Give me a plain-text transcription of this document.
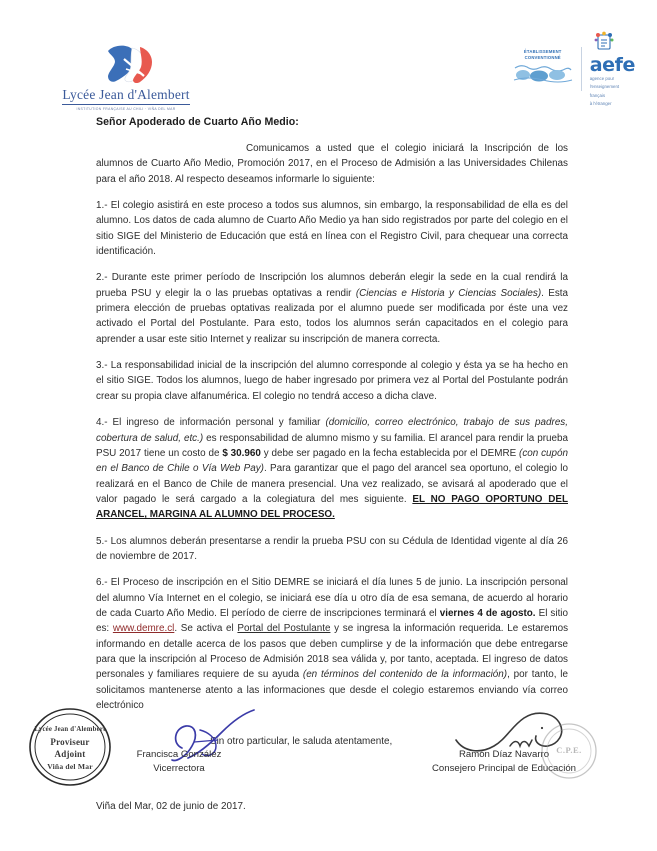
Lycée Jean d'Alembert
INSTITUTION FRANÇAISE AU CHILI · VIÑA DEL MAR
ÉTABLISSEMENT
CONVENTIONNÉ	aefe
agence pour
l'enseignement
français
à l'étranger

Señor Apoderado de Cuarto Año Medio:

Comunicamos a usted que el colegio iniciará la Inscripción de los alumnos de Cuarto Año Medio, Promoción 2017, en el Proceso de Admisión a las Universidades Chilenas para el año 2018. Al respecto deseamos informarle lo siguiente:

1.- El colegio asistirá en este proceso a todos sus alumnos, sin embargo, la responsabilidad de ella es del alumno. Los datos de cada alumno de Cuarto Año Medio ya han sido registrados por parte del colegio en el sitio SIGE del Ministerio de Educación que está en línea con el Registro Civil, para chequear una correcta identificación.

2.- Durante este primer período de Inscripción los alumnos deberán elegir la sede en la cual rendirá la prueba PSU y elegir la o las pruebas optativas a rendir (Ciencias e Historia y Ciencias Sociales). Esta primera elección de pruebas optativas realizada por el alumno puede ser modificada por éste una vez activado el Portal del Postulante. Para esto, todos los alumnos serán capacitados en el colegio para aprender a usar este sitio Internet y realizar su inscripción de manera correcta.

3.- La responsabilidad inicial de la inscripción del alumno corresponde al colegio y ésta ya se ha hecho en el sitio SIGE. Todos los alumnos, luego de haber ingresado por primera vez al Portal del Postulante podrán crear su propia clave alfanumérica. El colegio no tendrá acceso a dicha clave.

4.- El ingreso de información personal y familiar (domicilio, correo electrónico, trabajo de sus padres, cobertura de salud, etc.) es responsabilidad de alumno mismo y su familia. El arancel para rendir la prueba PSU 2017 tiene un costo de $ 30.960 y debe ser pagado en la fecha establecida por el DEMRE (con cupón en el Banco de Chile o Vía Web Pay). Para garantizar que el pago del arancel sea oportuno, el colegio lo realizará en el Banco de Chile de manera presencial. Una vez realizado, se avisará al apoderado que el valor pagado le será cargado a la colegiatura del mes siguiente. EL NO PAGO OPORTUNO DEL ARANCEL, MARGINA AL ALUMNO DEL PROCESO.

5.- Los alumnos deberán presentarse a rendir la prueba PSU con su Cédula de Identidad vigente al día 26 de noviembre de 2017.

6.- El Proceso de inscripción en el Sitio DEMRE se iniciará el día lunes 5 de junio. La inscripción personal del alumno Vía Internet en el colegio, se iniciará ese día u otro día de esa semana, de acuerdo al horario de cada Cuarto Año Medio. El período de cierre de inscripciones terminará el viernes 4 de agosto. El sitio es: www.demre.cl. Se activa el Portal del Postulante y se ingresa la información requerida. Le estaremos informando en detalle acerca de los pasos que deben cumplirse y de la información que debe entregarse para que la inscripción al Proceso de Admisión 2018 sea válida y, por tanto, aceptada. El ingreso de datos personales y familiares requiere de su ayuda (en términos del contenido de la información), por tanto, le solicitamos mantenerse atento a las informaciones que desde el colegio estaremos enviando vía correo electrónico

Sin otro particular, le saluda atentamente,

Francisca González
Vicerrectora
Ramón Díaz Navarro
Consejero Principal de Educación
Lycée Jean d'Alembert
Proviseur
Adjoint
Viña del Mar
C.P.E.
Viña del Mar, 02 de junio de 2017.
